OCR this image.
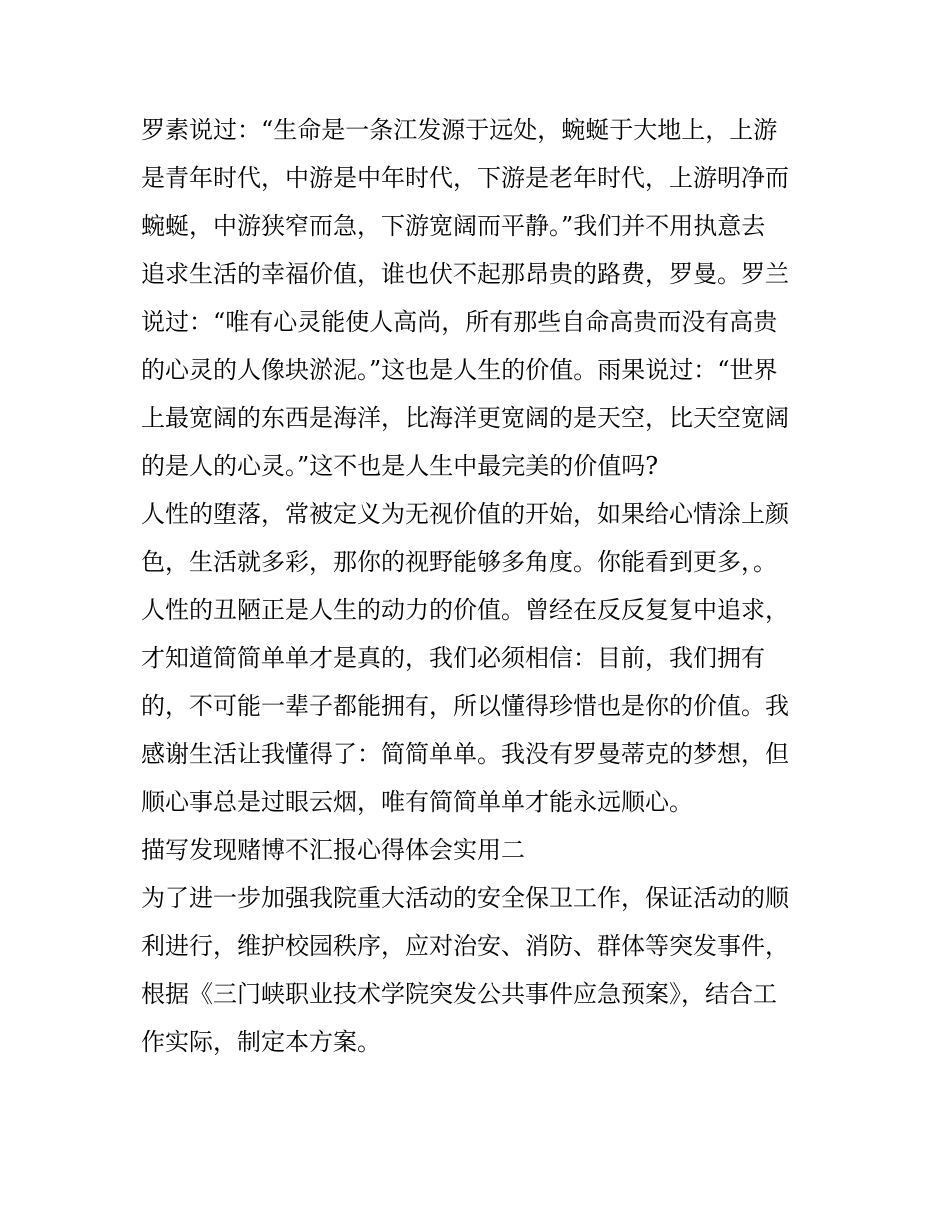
罗素说过：“生命是一条江发源于远处，蜿蜒于大地上，上游
是青年时代，中游是中年时代，下游是老年时代，上游明净而
蜿蜒，中游狭窄而急，下游宽阔而平静。”我们并不用执意去
追求生活的幸福价值，谁也伏不起那昂贵的路费，罗曼。罗兰
说过：“唯有心灵能使人高尚，所有那些自命高贵而没有高贵
的心灵的人像块淤泥。”这也是人生的价值。雨果说过：“世界
上最宽阔的东西是海洋，比海洋更宽阔的是天空，比天空宽阔
的是人的心灵。”这不也是人生中最完美的价值吗?
人性的堕落，常被定义为无视价值的开始，如果给心情涂上颜
色，生活就多彩，那你的视野能够多角度。你能看到更多，。
人性的丑陋正是人生的动力的价值。曾经在反反复复中追求，
才知道简简单单才是真的，我们必须相信：目前，我们拥有
的，不可能一辈子都能拥有，所以懂得珍惜也是你的价值。我
感谢生活让我懂得了：简简单单。我没有罗曼蒂克的梦想，但
顺心事总是过眼云烟，唯有简简单单才能永远顺心。
描写发现赌博不汇报心得体会实用二
为了进一步加强我院重大活动的安全保卫工作，保证活动的顺
利进行，维护校园秩序，应对治安、消防、群体等突发事件，
根据《三门峡职业技术学院突发公共事件应急预案》，结合工
作实际，制定本方案。
